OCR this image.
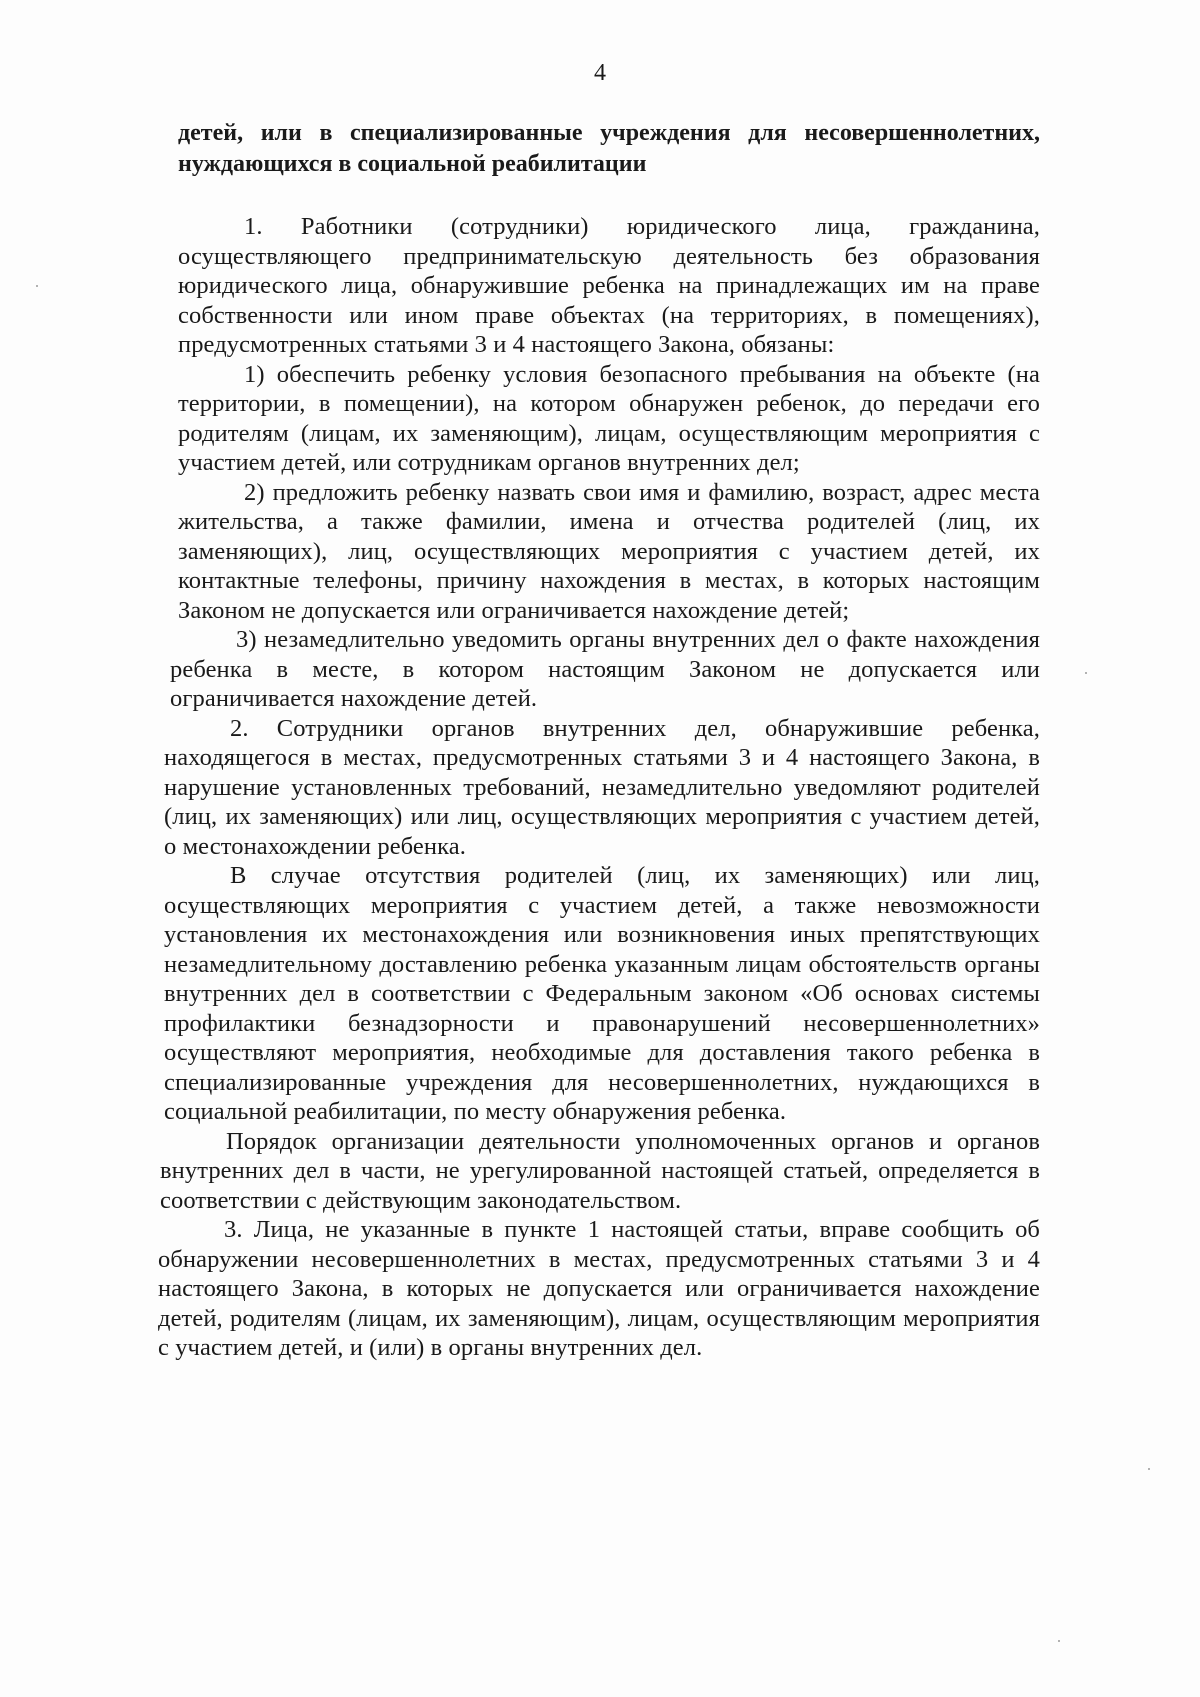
4

детей, или в специализированные учреждения для несовершеннолетних, нуждающихся в социальной реабилитации

1. Работники (сотрудники) юридического лица, гражданина, осуществляющего предпринимательскую деятельность без образования юридического лица, обнаружившие ребенка на принадлежащих им на праве собственности или ином праве объектах (на территориях, в помещениях), предусмотренных статьями 3 и 4 настоящего Закона, обязаны:

1) обеспечить ребенку условия безопасного пребывания на объекте (на территории, в помещении), на котором обнаружен ребенок, до передачи его родителям (лицам, их заменяющим), лицам, осуществляющим мероприятия с участием детей, или сотрудникам органов внутренних дел;

2) предложить ребенку назвать свои имя и фамилию, возраст, адрес места жительства, а также фамилии, имена и отчества родителей (лиц, их заменяющих), лиц, осуществляющих мероприятия с участием детей, их контактные телефоны, причину нахождения в местах, в которых настоящим Законом не допускается или ограничивается нахождение детей;

3) незамедлительно уведомить органы внутренних дел о факте нахождения ребенка в месте, в котором настоящим Законом не допускается или ограничивается нахождение детей.

2. Сотрудники органов внутренних дел, обнаружившие ребенка, находящегося в местах, предусмотренных статьями 3 и 4 настоящего Закона, в нарушение установленных требований, незамедлительно уведомляют родителей (лиц, их заменяющих) или лиц, осуществляющих мероприятия с участием детей, о местонахождении ребенка.

В случае отсутствия родителей (лиц, их заменяющих) или лиц, осуществляющих мероприятия с участием детей, а также невозможности установления их местонахождения или возникновения иных препятствующих незамедлительному доставлению ребенка указанным лицам обстоятельств органы внутренних дел в соответствии с Федеральным законом «Об основах системы профилактики безнадзорности и правонарушений несовершеннолетних» осуществляют мероприятия, необходимые для доставления такого ребенка в специализированные учреждения для несовершеннолетних, нуждающихся в социальной реабилитации, по месту обнаружения ребенка.

Порядок организации деятельности уполномоченных органов и органов внутренних дел в части, не урегулированной настоящей статьей, определяется в соответствии с действующим законодательством.

3. Лица, не указанные в пункте 1 настоящей статьи, вправе сообщить об обнаружении несовершеннолетних в местах, предусмотренных статьями 3 и 4 настоящего Закона, в которых не допускается или ограничивается нахождение детей, родителям (лицам, их заменяющим), лицам, осуществляющим мероприятия с участием детей, и (или) в органы внутренних дел.
